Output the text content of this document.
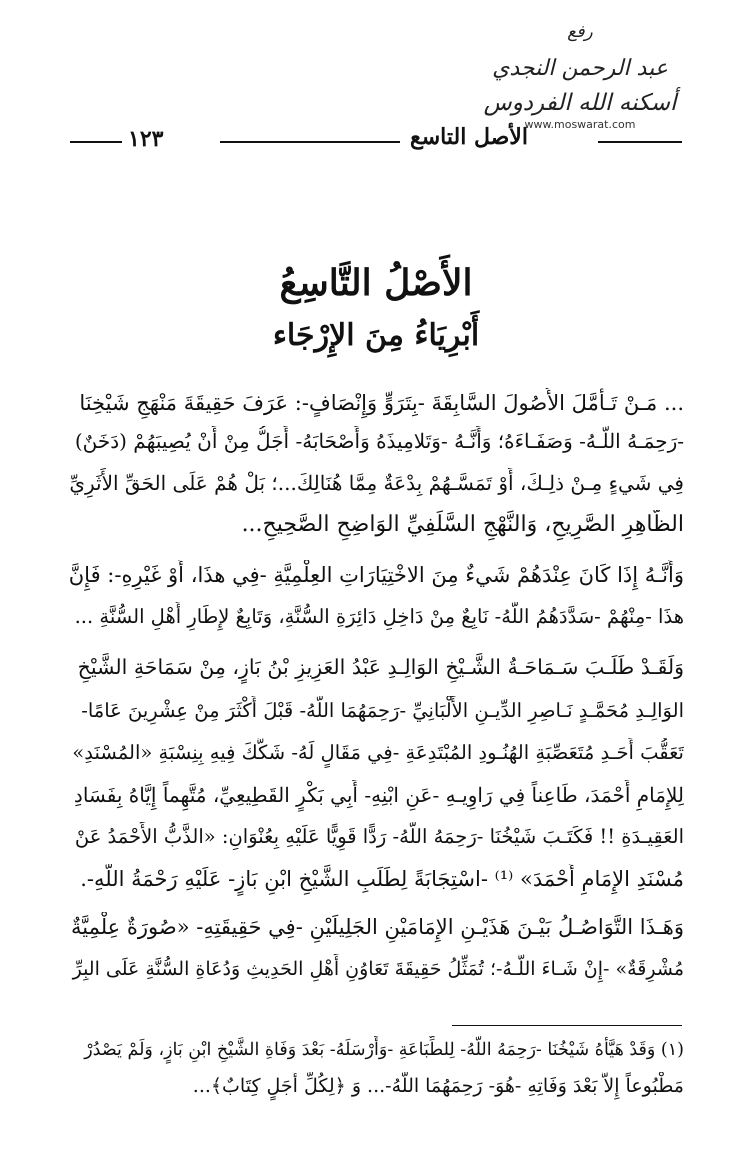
رفع
عبد الرحمن النجدي
أسكنه الله الفردوس
www.moswarat.com
١٢٣	الأصل التاسع
الأَصْلُ التَّاسِعُ
أَبْرِيَاءُ مِنَ الإِرْجَاء
... مَـنْ تَـأَمَّلَ الأُصُولَ السَّابِقَةَ -بِتَرَوٍّ وَإِنْصَافٍ-: عَرَفَ حَقِيقَةَ مَنْهَجِ شَيْخِنَا
-رَحِمَـهُ اللَّـهُ- وَصَفَـاءَهُ؛ وَأَنَّـهُ -وَتَلامِيذَهُ وَأَصْحَابَهُ- أَجَلُّ مِنْ أَنْ يُصِيبَهُمْ (دَخَنٌ)
فِي شَيءٍ مِـنْ ذلِـكَ، أَوْ تَمَسَّـهُمْ بِدْعَةٌ مِمَّا هُنَالِكَ...؛ بَلْ هُمْ عَلَى الحَقِّ الأَثَرِيِّ
الظَّاهِرِ الصَّرِيحِ، وَالنَّهْجِ السَّلَفِيِّ الوَاضِحِ الصَّحِيحِ...
وَأَنَّـهُ إِذَا كَانَ عِنْدَهُمْ شَيءٌ مِنَ الاخْتِيَارَاتِ العِلْمِيَّةِ -فِي هذَا، أَوْ غَيْرِهِ-: فَإِنَّ
هذَا -مِنْهُمْ -سَدَّدَهُمُ اللَّهُ- نَابِعٌ مِنْ دَاخِلِ دَائِرَةِ السُّنَّةِ، وَتَابِعٌ لإِطَارِ أَهْلِ السُّنَّةِ ...
وَلَقَـدْ طَلَـبَ سَـمَاحَـةُ الشَّـيْخِ الوَالِـدِ عَبْدُ العَزِيزِ بْنُ بَازٍ، مِنْ سَمَاحَةِ الشَّيْخِ
الوَالِـدِ مُحَمَّـدٍ نَـاصِرِ الدِّيـنِ الأَلْبَانِيِّ -رَحِمَهُمَا اللَّهُ- قَبْلَ أَكْثَرَ مِنْ عِشْرِينَ عَامًا-
تَعَقُّبَ أَحَـدِ مُتَعَصِّبَةِ الهُنُـودِ المُبْتَدِعَةِ -فِي مَقَالٍ لَهُ- شَكَّكَ فِيهِ بِنِسْبَةِ «المُسْنَدِ»
لِلإِمَامِ أَحْمَدَ، طَاعِناً فِي رَاوِيـهِ -عَنِ ابْنِهِ- أَبِي بَكْرٍ القَطِيعِيِّ، مُتَّهِماً إِيَّاهُ بِفَسَادِ
العَقِيـدَةِ !! فَكَتَـبَ شَيْخُنَا -رَحِمَهُ اللَّهُ- رَدًّا قَوِيًّا عَلَيْهِ بِعُنْوَانِ: «الذَّبُّ الأَحْمَدُ عَنْ
مُسْنَدِ الإِمَامِ أَحْمَدَ» ⁽¹⁾ -اسْتِجَابَةً لِطَلَبِ الشَّيْخِ ابْنِ بَازٍ- عَلَيْهِ رَحْمَةُ اللَّهِ-.
وَهَـذَا التَّوَاصُـلُ بَيْـنَ هَذَيْـنِ الإِمَامَيْنِ الجَلِيلَيْنِ -فِي حَقِيقَتِهِ- «صُورَةٌ عِلْمِيَّةٌ
مُشْرِقَةٌ» -إِنْ شَـاءَ اللَّـهُ-؛ تُمَثِّلُ حَقِيقَةَ تَعَاوُنِ أَهْلِ الحَدِيثِ وَدُعَاةِ السُّنَّةِ عَلَى البِرِّ
(١) وَقَدْ هَيَّأَهُ شَيْخُنَا -رَحِمَهُ اللَّهُ- لِلطِّبَاعَةِ -وَأَرْسَلَهُ- بَعْدَ وَفَاةِ الشَّيْخِ ابْنِ بَازٍ، وَلَمْ يَصْدُرْ
مَطْبُوعاً إِلاَّ بَعْدَ وَفَاتِهِ -هُوَ- رَحِمَهُمَا اللَّهُ-... وَ ﴿لِكُلِّ أَجَلٍ كِتَابٌ﴾...
